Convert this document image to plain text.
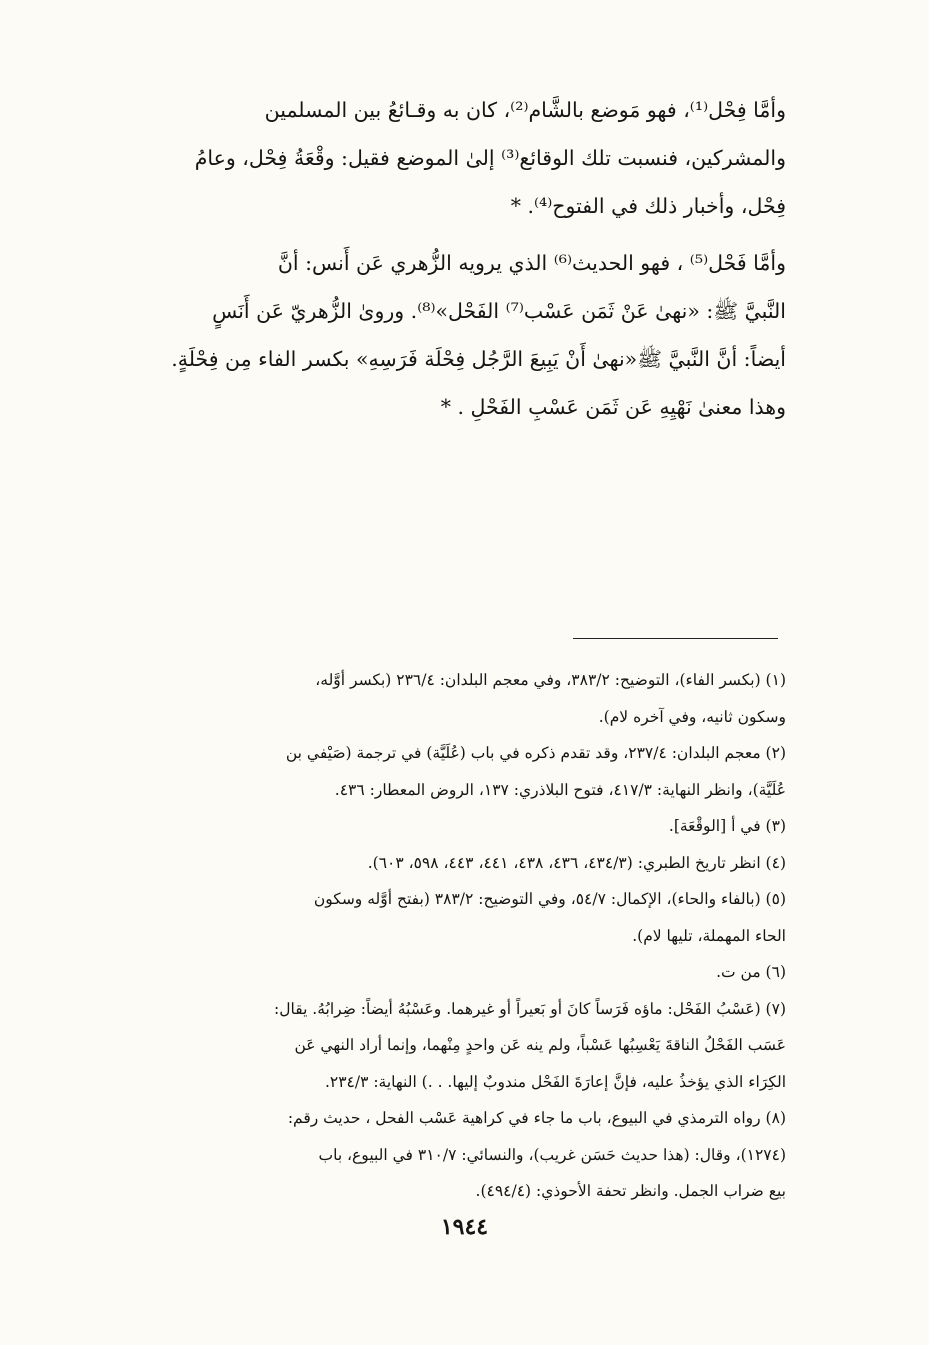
وأمَّا فِحْل⁽¹⁾، فهو مَوضع بالشَّام⁽²⁾، كان به وقـائعُ بين المسلمين
والمشركين، فنسبت تلك الوقائع⁽³⁾ إلىٰ الموضع فقيل: وقْعَةُ فِحْل، وعامُ
فِحْل، وأخبار ذلك في الفتوح⁽⁴⁾. *
وأمَّا فَحْل⁽⁵⁾ ، فهو الحديث⁽⁶⁾ الذي يرويه الزُّهري عَن أَنس: أنَّ
النَّبيَّ ﷺ: «نهىٰ عَنْ ثَمَن عَسْب⁽⁷⁾ الفَحْل»⁽⁸⁾. وروىٰ الزُّهريّ عَن أَنَسٍ
أيضاً: أنَّ النَّبيَّ ﷺ«نهىٰ أَنْ يَبِيعَ الرَّجُل فِحْلَة فَرَسِهِ» بكسر الفاء مِن فِحْلَةٍ.
وهذا معنىٰ نَهْيِهِ عَن ثَمَن عَسْبِ الفَحْلِ . *
(١) (بكسر الفاء)، التوضيح: ٣٨٣/٢، وفي معجم البلدان: ٢٣٦/٤ (بكسر أوَّله،
وسكون ثانيه، وفي آخره لام).
(٢) معجم البلدان: ٢٣٧/٤، وقد تقدم ذكره في باب (عُلَيَّة) في ترجمة (صَيْفي بن
عُلَيَّة)، وانظر النهاية: ٤١٧/٣، فتوح البلاذري: ١٣٧، الروض المعطار: ٤٣٦.
(٣) في أ [الوقْعَة].
(٤) انظر تاريخ الطبري: (٤٣٤/٣، ٤٣٦، ٤٣٨، ٤٤١، ٤٤٣، ٥٩٨، ٦٠٣).
(٥) (بالفاء والحاء)، الإكمال: ٥٤/٧، وفي التوضيح: ٣٨٣/٢ (بفتح أوَّله وسكون
الحاء المهملة، تليها لام).
(٦) من ت.
(٧) (عَسْبُ الفَحْل: ماؤه فَرَساً كانَ أو بَعيراً أو غيرهما. وعَسْبُهُ أيضاً: ضِرابُهُ. يقال:
عَسَب الفَحْلُ الناقةَ يَعْسِبُها عَسْباً، ولم ينه عَن واحدٍ مِنْهما، وإنما أراد النهي عَن
الكِرَاء الذي يؤخذُ عليه، فإنَّ إعارَةَ الفَحْل مندوبٌ إليها. . .) النهاية: ٢٣٤/٣.
(٨) رواه الترمذي في البيوع، باب ما جاء في كراهية عَسْب الفحل ، حديث رقم:
(١٢٧٤)، وقال: (هذا حديث حَسَن غريب)، والنسائي: ٣١٠/٧ في البيوع، باب
بيع ضراب الجمل. وانظر تحفة الأحوذي: (٤٩٤/٤).
١٩٤٤
